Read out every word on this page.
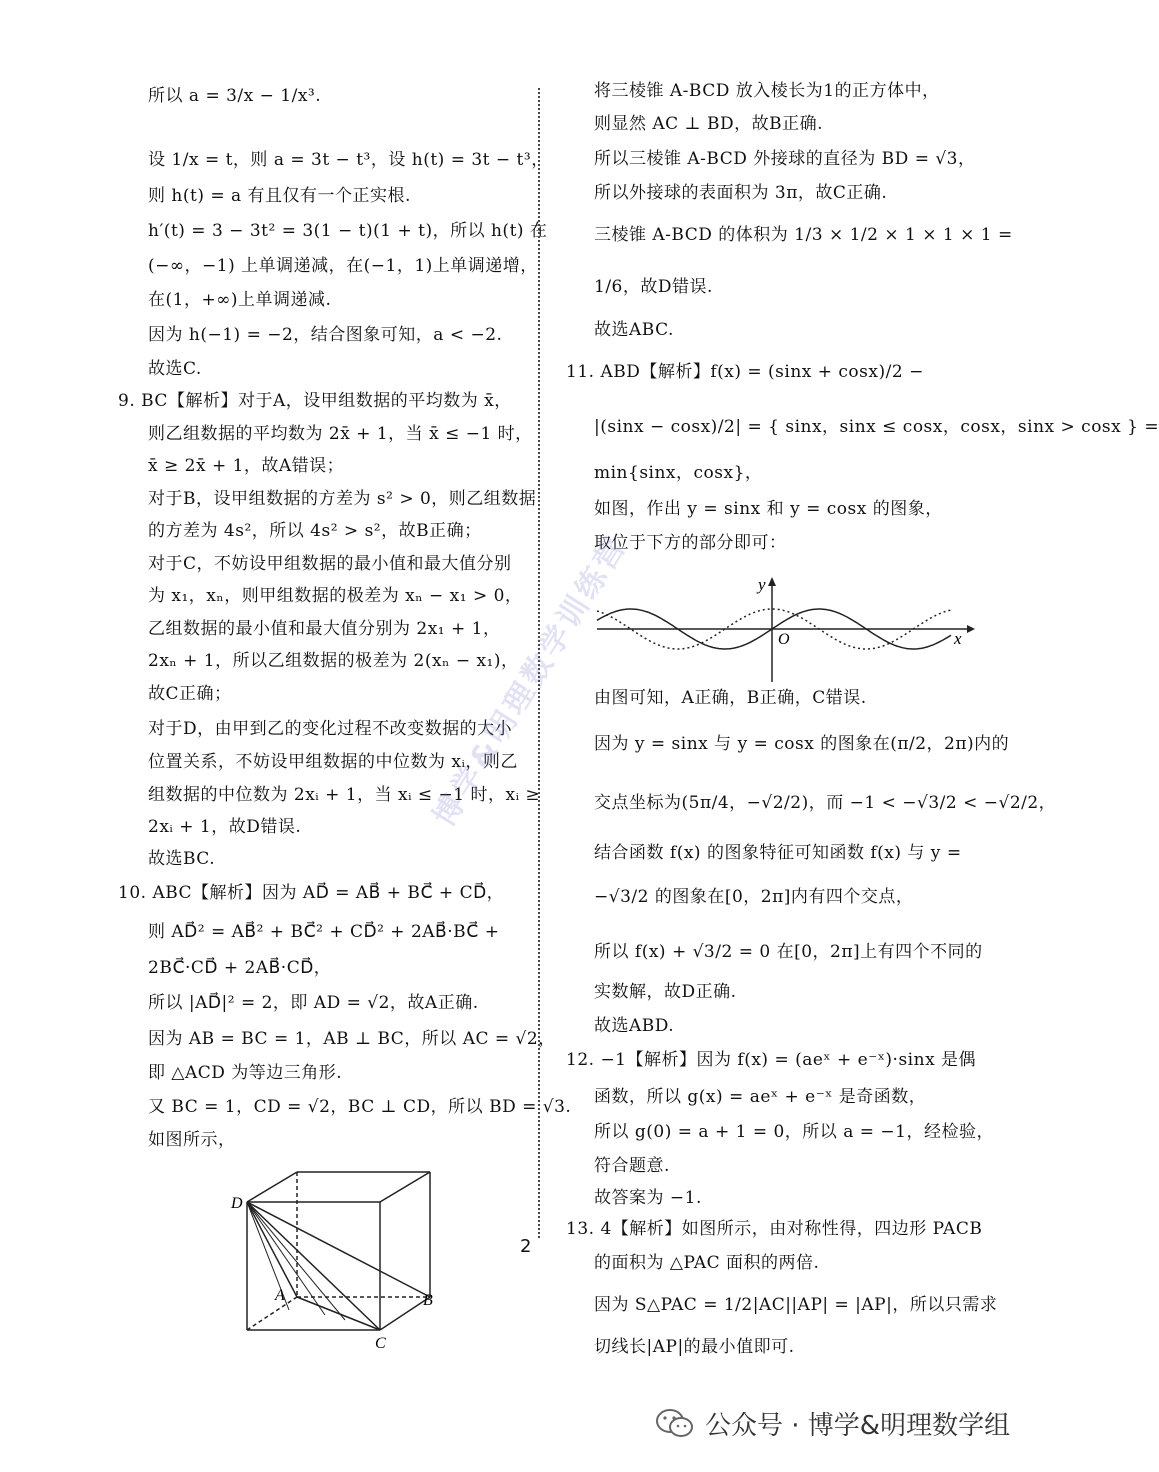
所以 a = 3/x − 1/x³.
设 1/x = t，则 a = 3t − t³，设 h(t) = 3t − t³，
则 h(t) = a 有且仅有一个正实根.
h′(t) = 3 − 3t² = 3(1 − t)(1 + t)，所以 h(t) 在
(−∞，−1) 上单调递减，在(−1，1)上单调递增，
在(1，+∞)上单调递减.
因为 h(−1) = −2，结合图象可知，a < −2.
故选C.
9. BC【解析】对于A，设甲组数据的平均数为 x̄，
则乙组数据的平均数为 2x̄ + 1，当 x̄ ≤ −1 时，
x̄ ≥ 2x̄ + 1，故A错误；
对于B，设甲组数据的方差为 s² > 0，则乙组数据
的方差为 4s²，所以 4s² > s²，故B正确；
对于C，不妨设甲组数据的最小值和最大值分别
为 x₁，xₙ，则甲组数据的极差为 xₙ − x₁ > 0，
乙组数据的最小值和最大值分别为 2x₁ + 1，
2xₙ + 1，所以乙组数据的极差为 2(xₙ − x₁)，
故C正确；
对于D，由甲到乙的变化过程不改变数据的大小
位置关系，不妨设甲组数据的中位数为 xᵢ，则乙
组数据的中位数为 2xᵢ + 1，当 xᵢ ≤ −1 时，xᵢ ≥
2xᵢ + 1，故D错误.
故选BC.
10. ABC【解析】因为 AD⃗ = AB⃗ + BC⃗ + CD⃗，
则 AD⃗² = AB⃗² + BC⃗² + CD⃗² + 2AB⃗·BC⃗ +
2BC⃗·CD⃗ + 2AB⃗·CD⃗，
所以 |AD⃗|² = 2，即 AD = √2，故A正确.
因为 AB = BC = 1，AB ⊥ BC，所以 AC = √2，
即 △ACD 为等边三角形.
又 BC = 1，CD = √2，BC ⊥ CD，所以 BD = √3.
如图所示，
将三棱锥 A-BCD 放入棱长为1的正方体中，
则显然 AC ⊥ BD，故B正确.
所以三棱锥 A-BCD 外接球的直径为 BD = √3，
所以外接球的表面积为 3π，故C正确.
三棱锥 A-BCD 的体积为 1/3 × 1/2 × 1 × 1 × 1 =
1/6，故D错误.
故选ABC.
11. ABD【解析】f(x) = (sinx + cosx)/2 −
|(sinx − cosx)/2| = { sinx，sinx ≤ cosx，cosx，sinx > cosx } =
min{sinx，cosx}，
如图，作出 y = sinx 和 y = cosx 的图象，
取位于下方的部分即可：
由图可知，A正确，B正确，C错误.
因为 y = sinx 与 y = cosx 的图象在(π/2，2π)内的
交点坐标为(5π/4，−√2/2)，而 −1 < −√3/2 < −√2/2，
结合函数 f(x) 的图象特征可知函数 f(x) 与 y =
−√3/2 的图象在[0，2π]内有四个交点，
所以 f(x) + √3/2 = 0 在[0，2π]上有四个不同的
实数解，故D正确.
故选ABD.
12. −1【解析】因为 f(x) = (aeˣ + e⁻ˣ)·sinx 是偶
函数，所以 g(x) = aeˣ + e⁻ˣ 是奇函数，
所以 g(0) = a + 1 = 0，所以 a = −1，经检验，
符合题意.
故答案为 −1.
13. 4【解析】如图所示，由对称性得，四边形 PACB
的面积为 △PAC 面积的两倍.
因为 S△PAC = 1/2|AC||AP| = |AP|，所以只需求
切线长|AP|的最小值即可.
D
A	B
C
y
x
O
博学&明理数学训练营
2
公众号 · 博学&明理数学组
